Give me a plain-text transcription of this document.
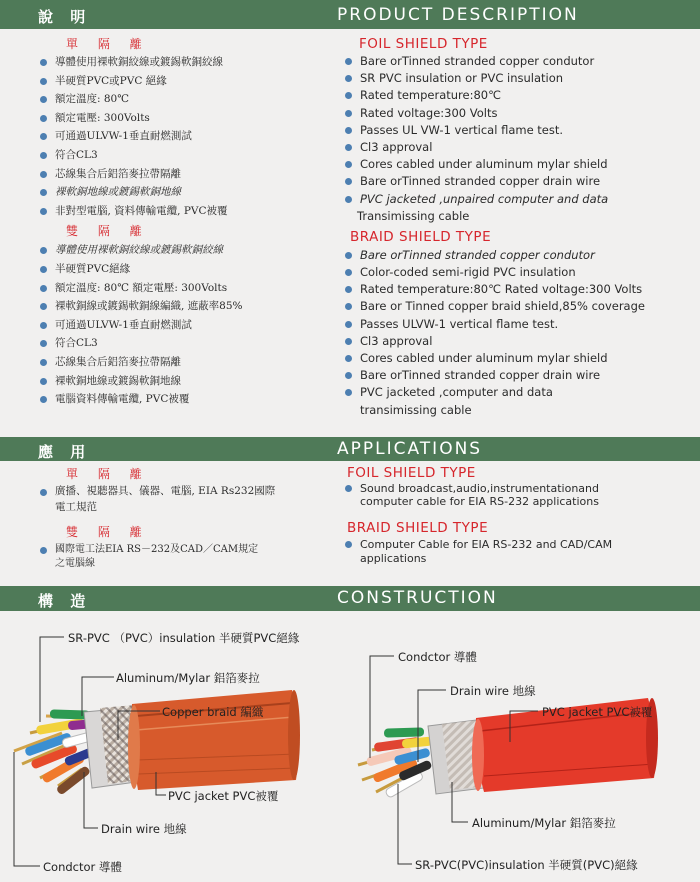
說 明	PRODUCT DESCRIPTION
單 隔 離
導體使用裸軟銅絞線或鍍錫軟銅絞線
半硬質PVC或PVC 絕緣
額定溫度: 80℃
額定電壓: 300Volts
可通過ULVW-1垂直耐燃測試
符合CL3
芯線集合后鋁箔麥拉帶隔離
裸軟銅地線或鍍錫軟銅地線
非對型電腦, 資料傳輸電纜, PVC被覆
雙 隔 離
導體使用裸軟銅絞線或鍍錫軟銅絞線
半硬質PVC絕緣
額定溫度: 80℃ 額定電壓: 300Volts
裸軟銅線或鍍錫軟銅線編織, 遮蔽率85%
可通過ULVW-1垂直耐燃測試
符合CL3
芯線集合后鋁箔麥拉帶隔離
裸軟銅地線或鍍錫軟銅地線
電腦資料傳輸電纜, PVC被覆
FOIL SHIELD TYPE
Bare orTinned stranded copper condutor
SR PVC insulation or PVC insulation
Rated temperature:80℃
Rated voltage:300 Volts
Passes UL VW-1 vertical flame test.
Cl3 approval
Cores cabled under aluminum mylar shield
Bare orTinned stranded copper drain wire
PVC jacketed ,unpaired computer and data
Transimissing cable
BRAID SHIELD TYPE
Bare orTinned stranded copper condutor
Color-coded semi-rigid PVC insulation
Rated temperature:80℃ Rated voltage:300 Volts
Bare or Tinned copper braid shield,85% coverage
Passes ULVW-1 vertical flame test.
Cl3 approval
Cores cabled under aluminum mylar shield
Bare orTinned stranded copper drain wire
PVC jacketed ,computer and data
transimissing cable
應 用	APPLICATIONS
單 隔 離
廣播、視聽器具、儀器、電腦, EIA Rs232國際
電工規范
雙 隔 離
國際電工法EIA RS－232及CAD／CAM規定
之電腦線
FOIL SHIELD TYPE
Sound broadcast,audio,instrumentationand
computer cable for EIA RS-232 applications
BRAID SHIELD TYPE
Computer Cable for EIA RS-232 and CAD/CAM
applications
構 造	CONSTRUCTION
SR-PVC （PVC）insulation 半硬質PVC絕緣
Aluminum/Mylar 鋁箔麥拉
Copper braid 編織
PVC jacket PVC被覆
Drain wire 地線
Condctor 導體
Condctor 導體
Drain wire 地線
PVC jacket PVC被覆
Aluminum/Mylar 鋁箔麥拉
SR-PVC(PVC)insulation 半硬質(PVC)絕緣
